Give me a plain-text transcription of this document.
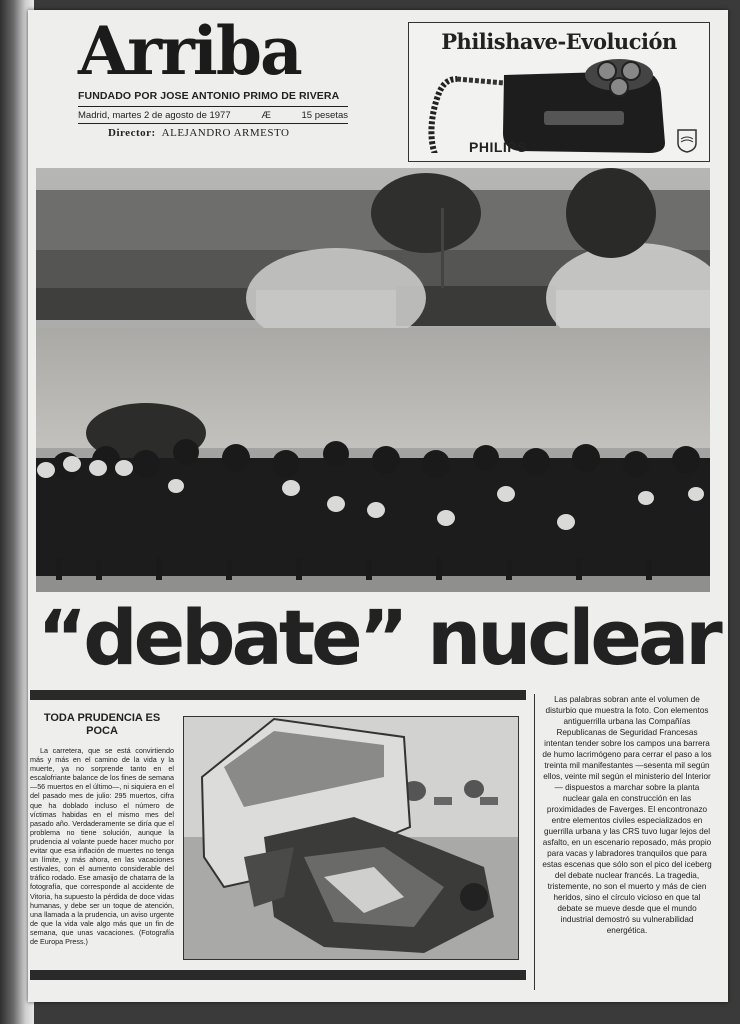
Arriba
FUNDADO POR JOSE ANTONIO PRIMO DE RIVERA
Madrid, martes 2 de agosto de 1977	Æ	15 pesetas
Director: ALEJANDRO ARMESTO
Philishave-Evolución
PHILIPS
“debate” nuclear
TODA PRUDENCIA ES POCA
La carretera, que se está convirtiendo más y más en el camino de la vida y la muerte, ya no sorprende tanto en el escalofriante balance de los fines de semana —56 muertos en el último—, ni siquiera en el del pasado mes de julio: 295 muertos, cifra que ha doblado incluso el número de víctimas habidas en el mismo mes del pasado año. Verdaderamente se diría que el problema no tiene solución, aunque la prudencia al volante puede hacer mucho por evitar que esa inflación de muertes no tenga un límite, y más ahora, en las vacaciones estivales, con el aumento considerable del tráfico rodado. Ese amasijo de chatarra de la fotografía, que corresponde al accidente de Vitoria, ha supuesto la pérdida de doce vidas humanas, y debe ser un toque de atención, una llamada a la prudencia, un aviso urgente de que la vida vale algo más que un fin de semana, que unas vacaciones. (Fotografía de Europa Press.)
Las palabras sobran ante el volumen de disturbio que muestra la foto. Con elementos antiguerrilla urbana las Compañías Republicanas de Seguridad Francesas intentan tender sobre los campos una barrera de humo lacrimógeno para cerrar el paso a los treinta mil manifestantes —sesenta mil según ellos, veinte mil según el ministerio del Interior— dispuestos a marchar sobre la planta nuclear gala en construcción en las proximidades de Faverges. El encontronazo entre elementos civiles especializados en guerrilla urbana y las CRS tuvo lugar lejos del asfalto, en un escenario reposado, más propio para vacas y labradores tranquilos que para estas escenas que sólo son el pico del iceberg del debate nuclear francés. La tragedia, tristemente, no son el muerto y más de cien heridos, sino el círculo vicioso en que tal debate se mueve desde que el mundo industrial demostró su vulnerabilidad energética.
